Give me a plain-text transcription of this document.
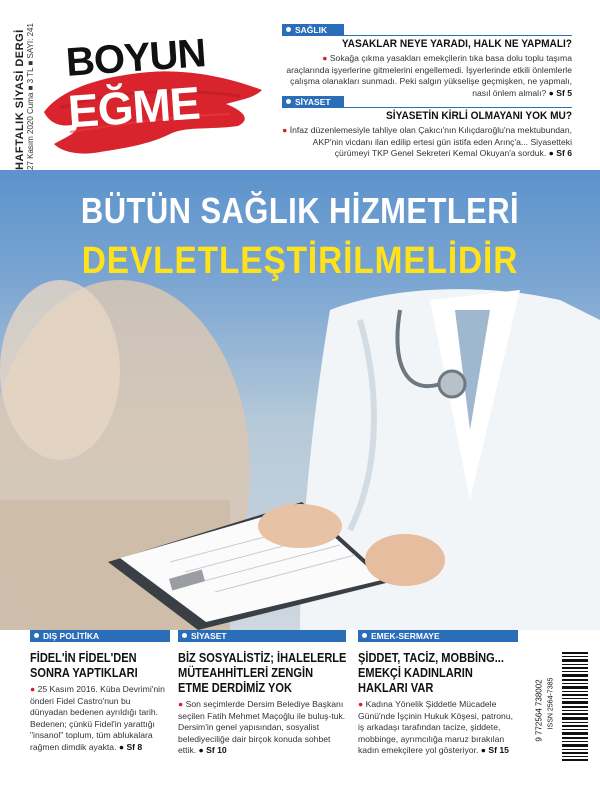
HAFTALIK SİYASİ DERGİ 27 Kasım 2020 Cuma ■ 3 TL ■ SAYI: 241 BOYUN
EĞME
SAĞLIK
YASAKLAR NEYE YARADI, HALK NE YAPMALI?
● Sokağa çıkma yasakları emekçilerin tıka basa dolu toplu taşıma araçlarında işyerlerine gitmelerini engellemedi. İşyerlerinde etkili önlemlerle çalışma olanakları sunmadı. Peki salgın yükselişe geçmişken, ne yapmalı, nasıl önlem almalı? ● Sf 5
SİYASET
SİYASETİN KİRLİ OLMAYANI YOK MU?
● İnfaz düzenlemesiyle tahliye olan Çakıcı'nın Kılıçdaroğlu'na mektubundan, AKP'nin vicdanı ilan edilip ertesi gün istifa eden Arınç'a... Siyasetteki çürümeyi TKP Genel Sekreteri Kemal Okuyan'a sorduk. ● Sf 6
BÜTÜN SAĞLIK HİZMETLERİ
DEVLETLEŞTİRİLMELİDİR
DIŞ POLİTİKA
FİDEL'İN FİDEL'DEN SONRA YAPTIKLARI
● 25 Kasım 2016. Küba Devrimi'nin önderi Fidel Castro'nun bu dünyadan bedenen ayrıldığı tarih. Bedenen; çünkü Fidel'in yarattığı "insanol" toplum, tüm ablukalara rağmen dimdik ayakta. ● Sf 8
SİYASET
BİZ SOSYALİSTİZ; İHALELERLE MÜTEAHHİTLERİ ZENGİN ETME DERDİMİZ YOK
● Son seçimlerde Dersim Belediye Başkanı seçilen Fatih Mehmet Maçoğlu ile buluş-tuk. Dersim'in genel yapısından, sosyalist belediyeciliğe dair birçok konuda sohbet ettik. ● Sf 10
EMEK-SERMAYE
ŞİDDET, TACİZ, MOBBİNG... EMEKÇİ KADINLARIN HAKLARI VAR
● Kadına Yönelik Şiddetle Mücadele Günü'nde İşçinin Hukuk Köşesi, patronu, iş arkadaşı tarafından tacize, şiddete, mobbinge, ayrımcılığa maruz bırakılan kadın emekçilere yol gösteriyor. ● Sf 15
ISSN 2564-7385
9 772564 738002
